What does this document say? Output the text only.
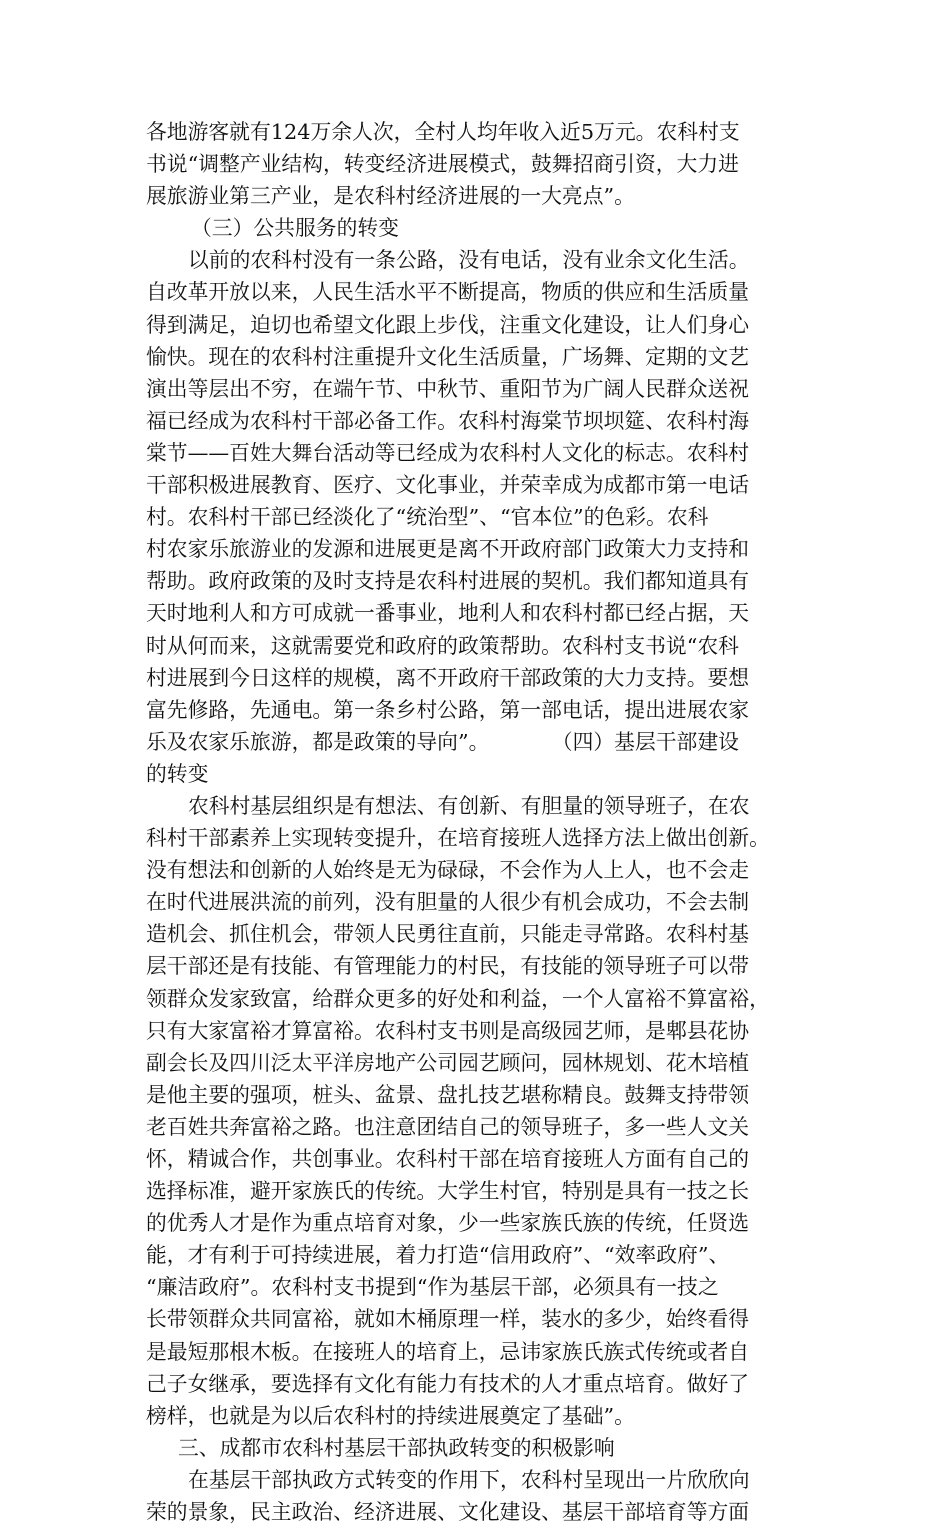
各地游客就有124万余人次，全村人均年收入近5万元。农科村支
书说“调整产业结构，转变经济进展模式，鼓舞招商引资，大力进
展旅游业第三产业，是农科村经济进展的一大亮点”。
（三）公共服务的转变
以前的农科村没有一条公路，没有电话，没有业余文化生活。
自改革开放以来，人民生活水平不断提高，物质的供应和生活质量
得到满足，迫切也希望文化跟上步伐，注重文化建设，让人们身心
愉快。现在的农科村注重提升文化生活质量，广场舞、定期的文艺
演出等层出不穷，在端午节、中秋节、重阳节为广阔人民群众送祝
福已经成为农科村干部必备工作。农科村海棠节坝坝筵、农科村海
棠节——百姓大舞台活动等已经成为农科村人文化的标志。农科村
干部积极进展教育、医疗、文化事业，并荣幸成为成都市第一电话
村。农科村干部已经淡化了“统治型”、“官本位”的色彩。农科
村农家乐旅游业的发源和进展更是离不开政府部门政策大力支持和
帮助。政府政策的及时支持是农科村进展的契机。我们都知道具有
天时地利人和方可成就一番事业，地利人和农科村都已经占据，天
时从何而来，这就需要党和政府的政策帮助。农科村支书说“农科
村进展到今日这样的规模，离不开政府干部政策的大力支持。要想
富先修路，先通电。第一条乡村公路，第一部电话，提出进展农家
乐及农家乐旅游，都是政策的导向”。　　　　（四）基层干部建设
的转变
农科村基层组织是有想法、有创新、有胆量的领导班子，在农
科村干部素养上实现转变提升，在培育接班人选择方法上做出创新。
没有想法和创新的人始终是无为碌碌，不会作为人上人，也不会走
在时代进展洪流的前列，没有胆量的人很少有机会成功，不会去制
造机会、抓住机会，带领人民勇往直前，只能走寻常路。农科村基
层干部还是有技能、有管理能力的村民，有技能的领导班子可以带
领群众发家致富，给群众更多的好处和利益，一个人富裕不算富裕，
只有大家富裕才算富裕。农科村支书则是高级园艺师，是郫县花协
副会长及四川泛太平洋房地产公司园艺顾问，园林规划、花木培植
是他主要的强项，桩头、盆景、盘扎技艺堪称精良。鼓舞支持带领
老百姓共奔富裕之路。也注意团结自己的领导班子，多一些人文关
怀，精诚合作，共创事业。农科村干部在培育接班人方面有自己的
选择标准，避开家族氏的传统。大学生村官，特别是具有一技之长
的优秀人才是作为重点培育对象，少一些家族氏族的传统，任贤选
能，才有利于可持续进展，着力打造“信用政府”、“效率政府”、
“廉洁政府”。农科村支书提到“作为基层干部，必须具有一技之
长带领群众共同富裕，就如木桶原理一样，装水的多少，始终看得
是最短那根木板。在接班人的培育上，忌讳家族氏族式传统或者自
己子女继承，要选择有文化有能力有技术的人才重点培育。做好了
榜样，也就是为以后农科村的持续进展奠定了基础”。
三、成都市农科村基层干部执政转变的积极影响
在基层干部执政方式转变的作用下，农科村呈现出一片欣欣向
荣的景象，民主政治、经济进展、文化建设、基层干部培育等方面
